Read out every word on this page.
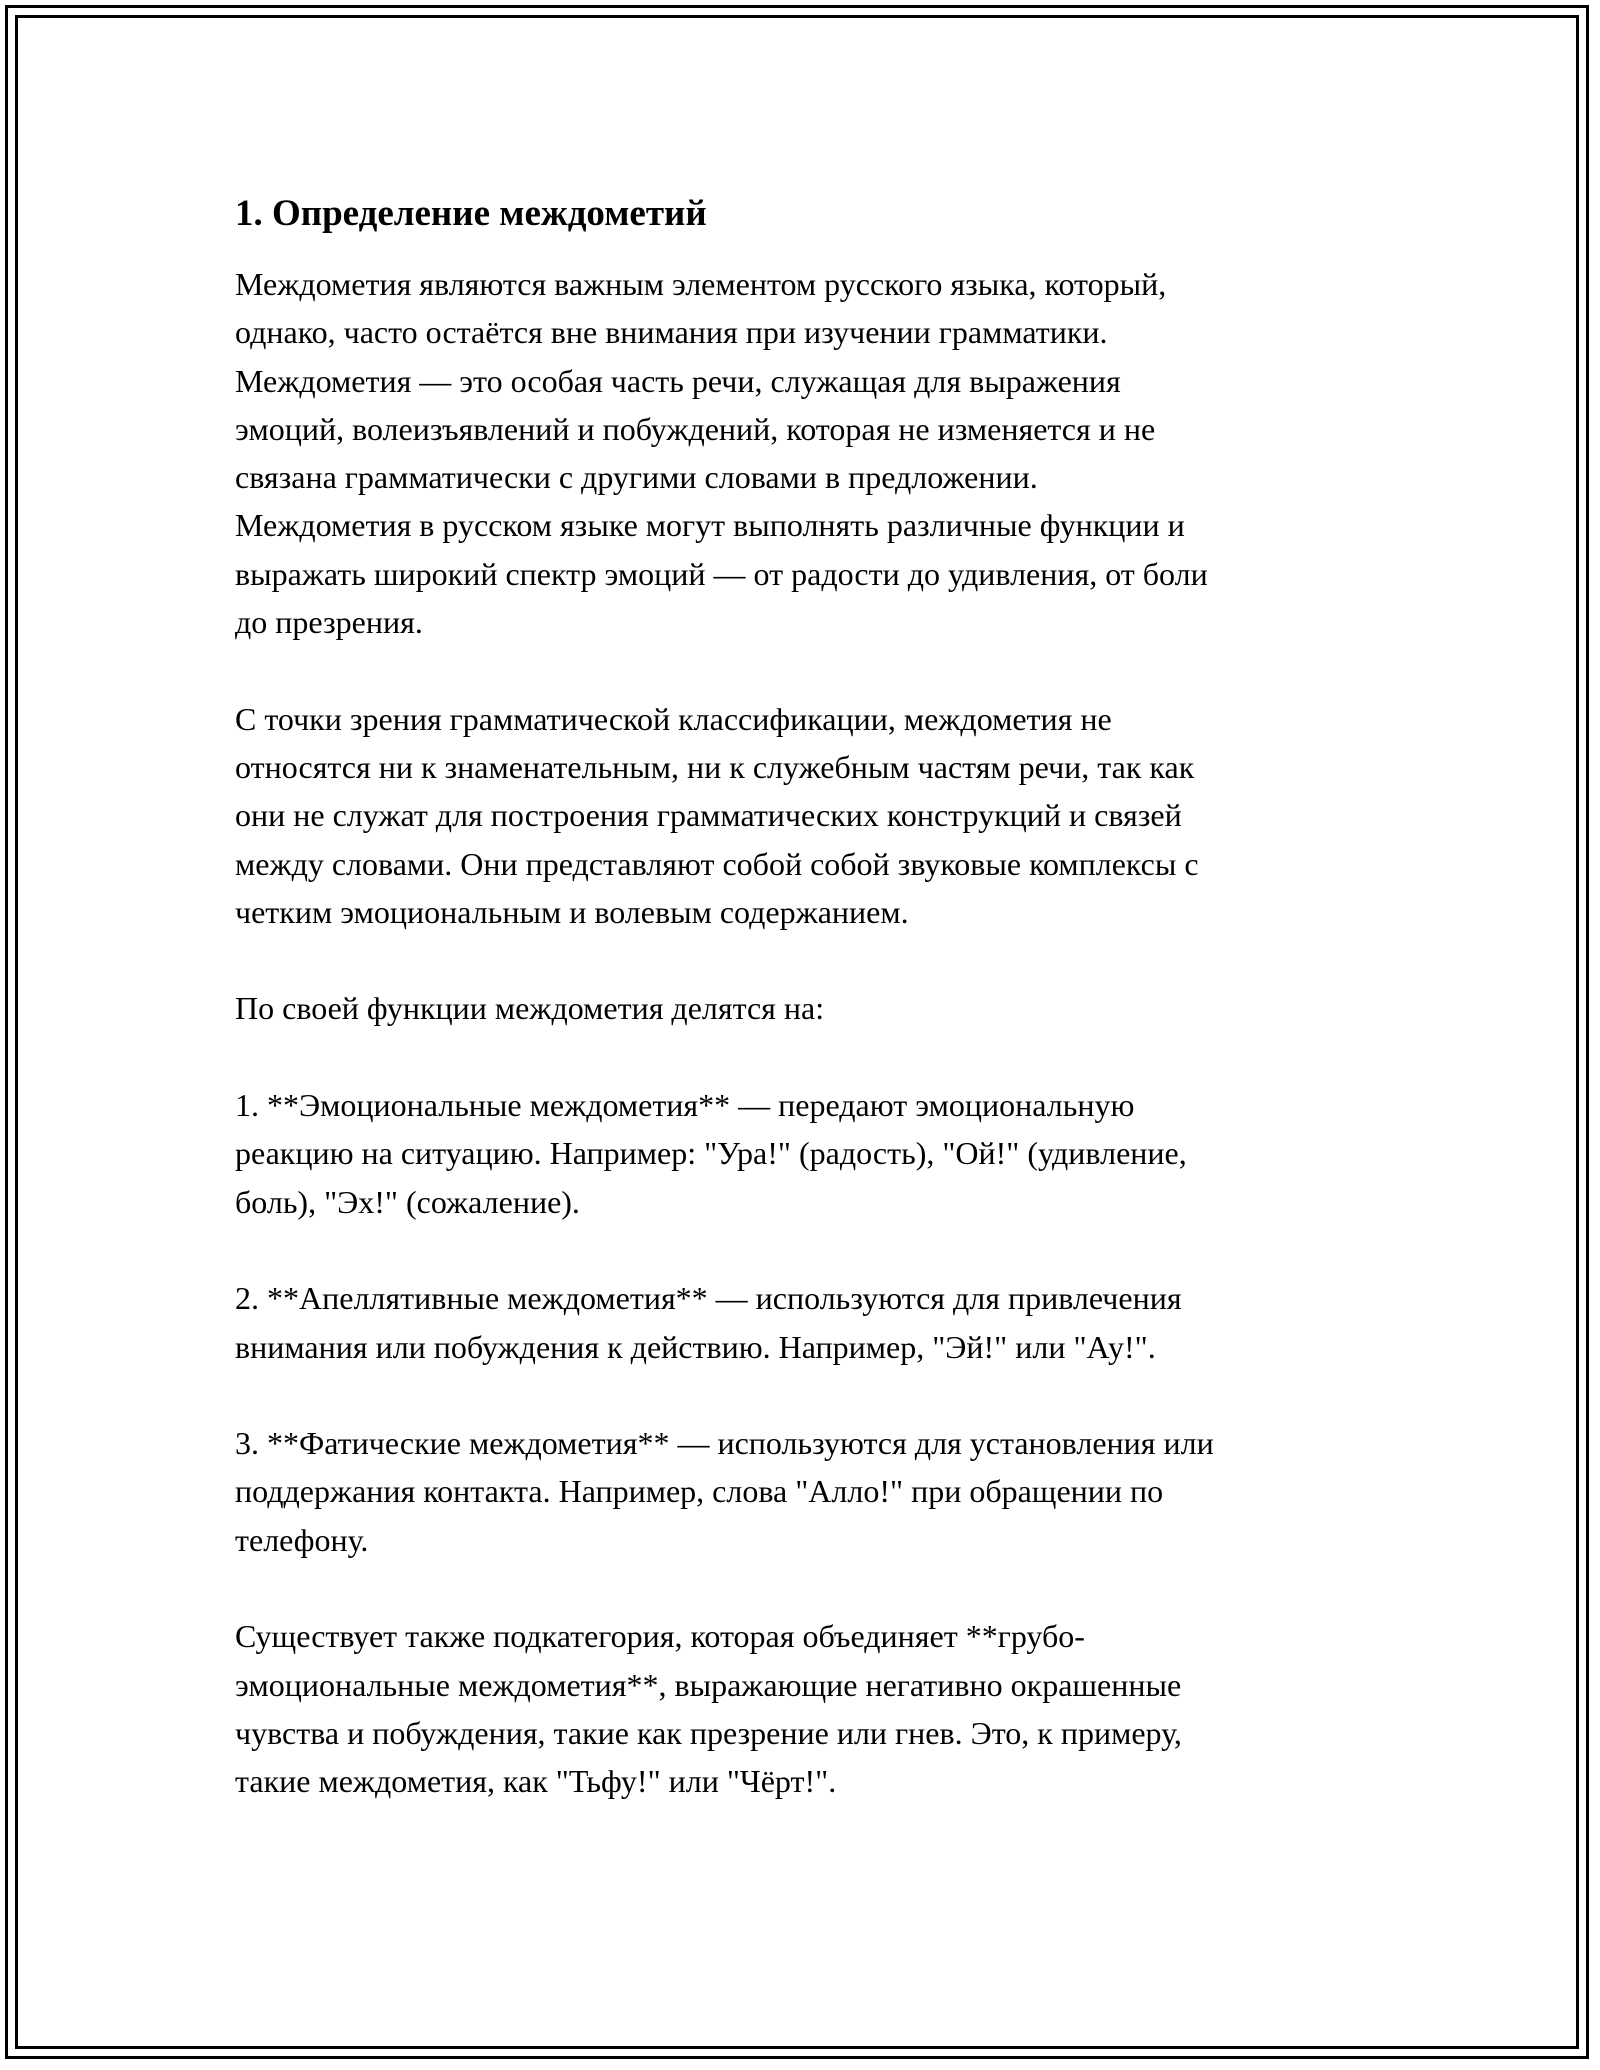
1. Определение междометий

Междометия являются важным элементом русского языка, который,

однако, часто остаётся вне внимания при изучении грамматики.

Междометия — это особая часть речи, служащая для выражения

эмоций, волеизъявлений и побуждений, которая не изменяется и не

связана грамматически с другими словами в предложении.

Междометия в русском языке могут выполнять различные функции и

выражать широкий спектр эмоций — от радости до удивления, от боли

до презрения.

С точки зрения грамматической классификации, междометия не

относятся ни к знаменательным, ни к служебным частям речи, так как

они не служат для построения грамматических конструкций и связей

между словами. Они представляют собой собой звуковые комплексы с

четким эмоциональным и волевым содержанием.

По своей функции междометия делятся на:

1. **Эмоциональные междометия** — передают эмоциональную

реакцию на ситуацию. Например: "Ура!" (радость), "Ой!" (удивление,

боль), "Эх!" (сожаление).

2. **Апеллятивные междометия** — используются для привлечения

внимания или побуждения к действию. Например, "Эй!" или "Ау!".

3. **Фатические междометия** — используются для установления или

поддержания контакта. Например, слова "Алло!" при обращении по

телефону.

Существует также подкатегория, которая объединяет **грубо-

эмоциональные междометия**, выражающие негативно окрашенные

чувства и побуждения, такие как презрение или гнев. Это, к примеру,

такие междометия, как "Тьфу!" или "Чёрт!".
